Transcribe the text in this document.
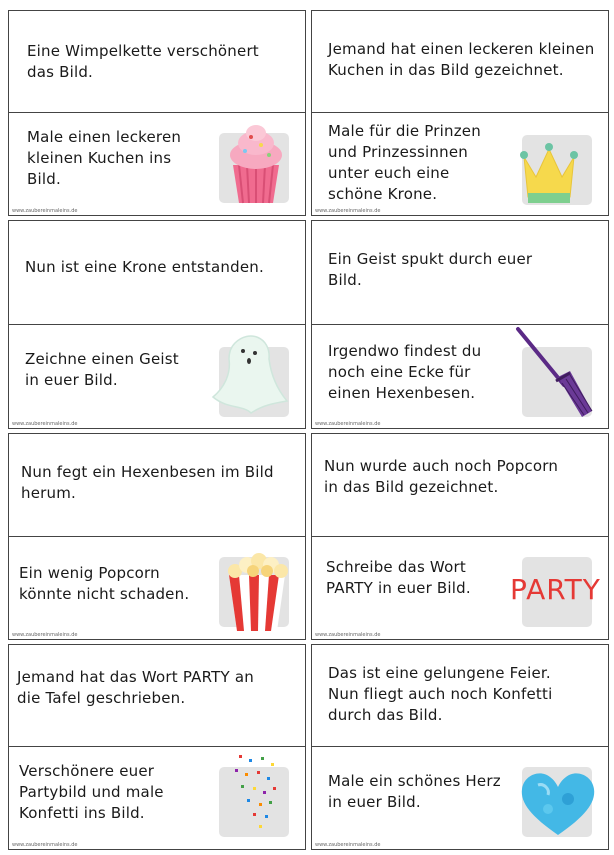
Eine Wimpelkette verschönert
das Bild.
Male einen leckeren
kleinen Kuchen ins
Bild.
www.zaubereinmaleins.de
Jemand hat einen leckeren kleinen
Kuchen in das Bild gezeichnet.
Male für die Prinzen
und Prinzessinnen
unter euch eine
schöne Krone.
www.zaubereinmaleins.de
Nun ist eine Krone entstanden.
Zeichne einen Geist
in euer Bild.
www.zaubereinmaleins.de
Ein Geist spukt durch euer
Bild.
Irgendwo findest du
noch eine Ecke für
einen Hexenbesen.
www.zaubereinmaleins.de
Nun fegt ein Hexenbesen im Bild
herum.
Ein wenig Popcorn
könnte nicht schaden.
www.zaubereinmaleins.de
Nun wurde auch noch Popcorn
in das Bild gezeichnet.
Schreibe das Wort
PARTY in euer Bild. PARTY
www.zaubereinmaleins.de
Jemand hat das Wort PARTY an
die Tafel geschrieben.
Verschönere euer
Partybild und male
Konfetti ins Bild.
www.zaubereinmaleins.de
Das ist eine gelungene Feier.
Nun fliegt auch noch Konfetti
durch das Bild.
Male ein schönes Herz
in euer Bild.
www.zaubereinmaleins.de
